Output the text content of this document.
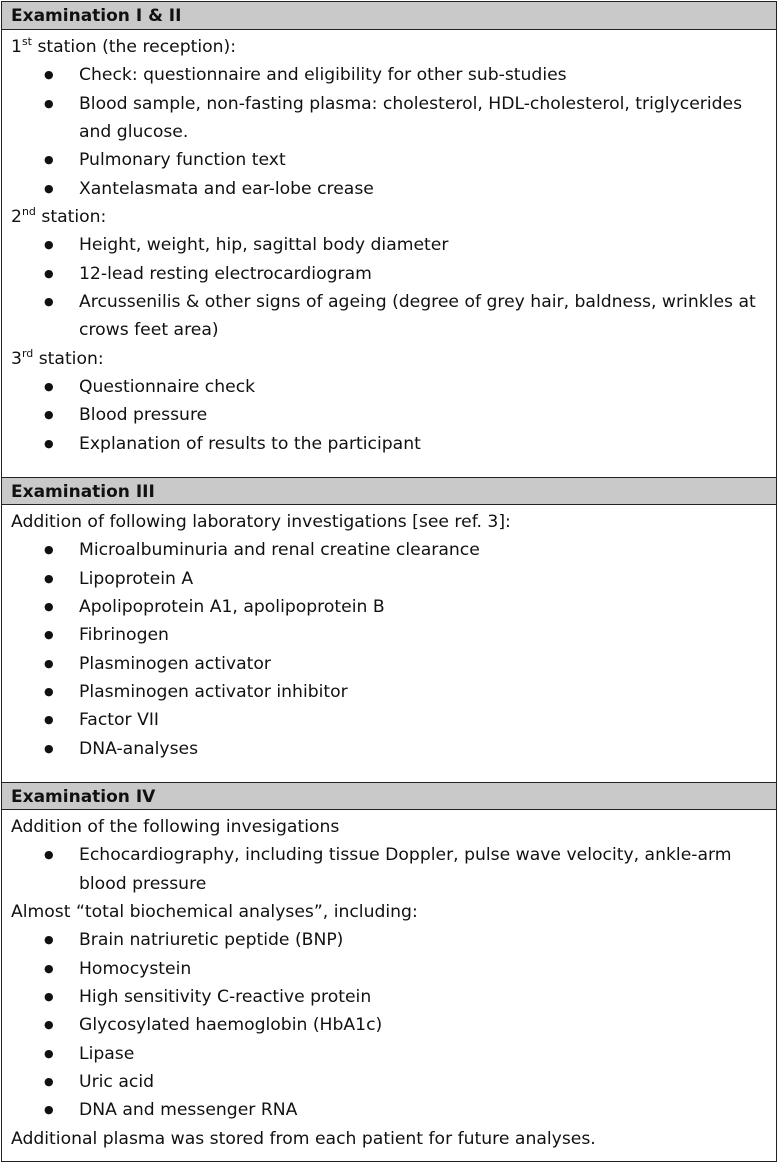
Examination I & II
1st station (the reception):
● Check: questionnaire and eligibility for other sub-studies
● Blood sample, non-fasting plasma: cholesterol, HDL-cholesterol, triglycerides and glucose.
● Pulmonary function text
● Xantelasmata and ear-lobe crease
2nd station:
● Height, weight, hip, sagittal body diameter
● 12-lead resting electrocardiogram
● Arcussenilis & other signs of ageing (degree of grey hair, baldness, wrinkles at crows feet area)
3rd station:
● Questionnaire check
● Blood pressure
● Explanation of results to the participant
Examination III
Addition of following laboratory investigations [see ref. 3]:
● Microalbuminuria and renal creatine clearance
● Lipoprotein A
● Apolipoprotein A1, apolipoprotein B
● Fibrinogen
● Plasminogen activator
● Plasminogen activator inhibitor
● Factor VII
● DNA-analyses
Examination IV
Addition of the following invesigations
● Echocardiography, including tissue Doppler, pulse wave velocity, ankle-arm blood pressure
Almost “total biochemical analyses”, including:
● Brain natriuretic peptide (BNP)
● Homocystein
● High sensitivity C-reactive protein
● Glycosylated haemoglobin (HbA1c)
● Lipase
● Uric acid
● DNA and messenger RNA
Additional plasma was stored from each patient for future analyses.
